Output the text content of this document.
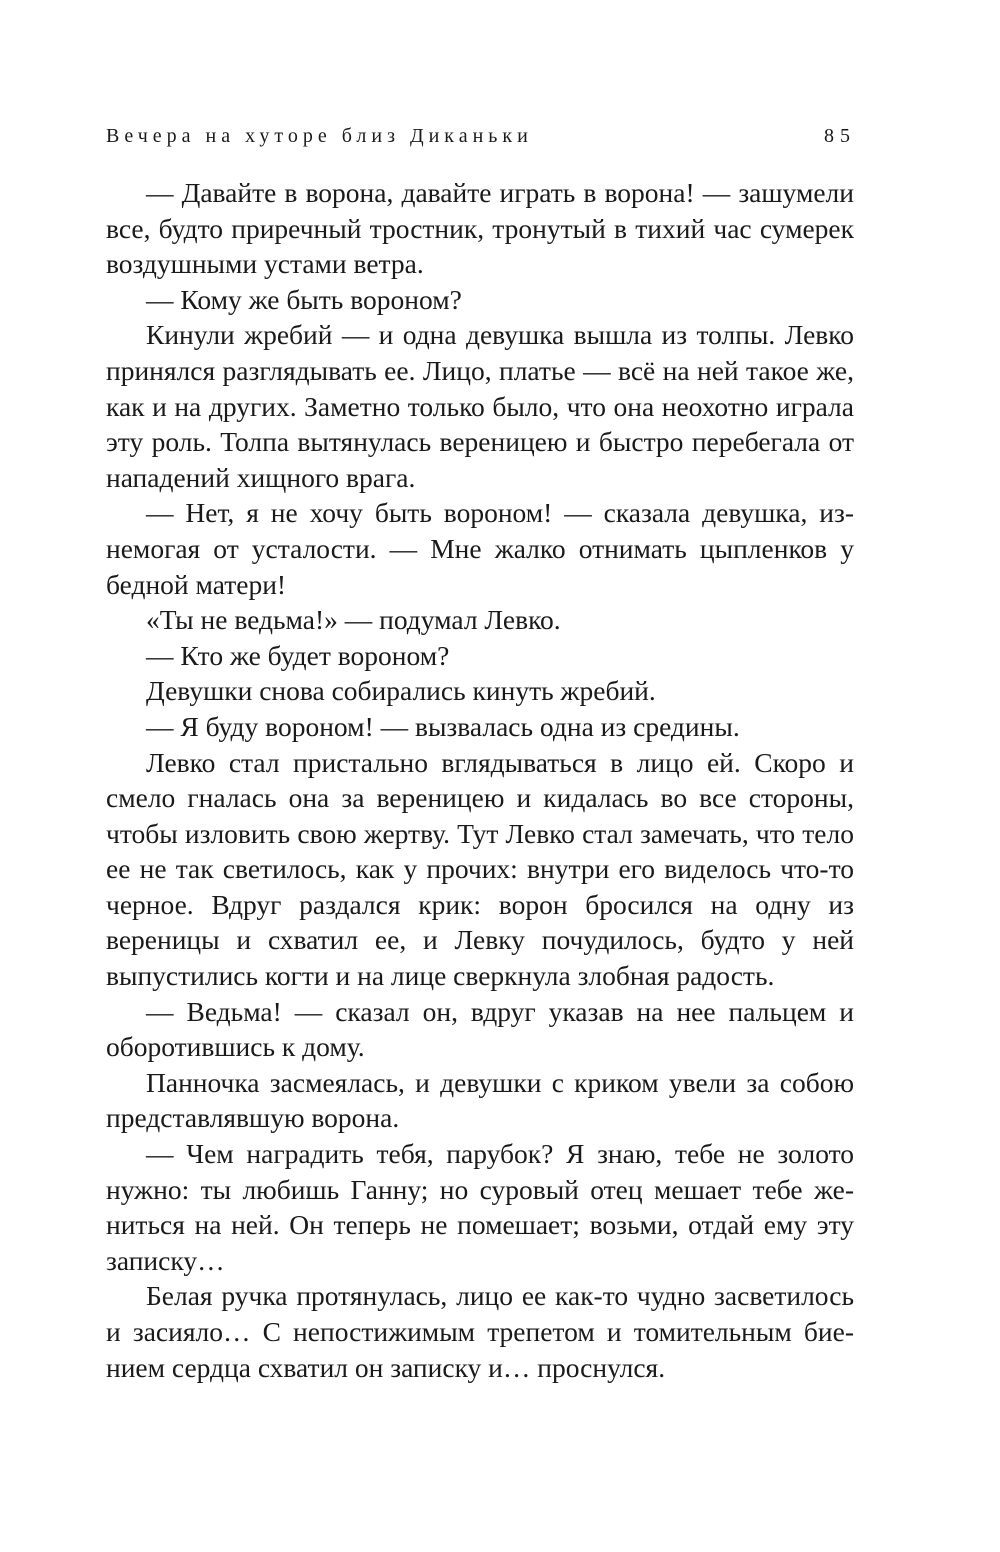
Вечера на хуторе близ Диканьки	85

— Давайте в ворона, давайте играть в ворона! — зашумели все, будто приречный тростник, тронутый в тихий час сумерек воздушными устами ветра.

— Кому же быть вороном?

Кинули жребий — и одна девушка вышла из толпы. Левко принялся разглядывать ее. Лицо, платье — всё на ней такое же, как и на других. Заметно только было, что она неохотно играла эту роль. Толпа вытянулась вереницею и быстро перебегала от нападений хищного врага.

— Нет, я не хочу быть вороном! — сказала девушка, изнемогая от усталости. — Мне жалко отнимать цыпленков у бедной матери!

«Ты не ведьма!» — подумал Левко.

— Кто же будет вороном?

Девушки снова собирались кинуть жребий.

— Я буду вороном! — вызвалась одна из средины.

Левко стал пристально вглядываться в лицо ей. Скоро и смело гналась она за вереницею и кидалась во все стороны, чтобы изловить свою жертву. Тут Левко стал замечать, что тело ее не так светилось, как у прочих: внутри его виделось что-то черное. Вдруг раздался крик: ворон бросился на одну из вереницы и схватил ее, и Левку почудилось, будто у ней выпустились когти и на лице сверкнула злобная радость.

— Ведьма! — сказал он, вдруг указав на нее пальцем и оборотившись к дому.

Панночка засмеялась, и девушки с криком увели за собою представлявшую ворона.

— Чем наградить тебя, парубок? Я знаю, тебе не золото нужно: ты любишь Ганну; но суровый отец мешает тебе жениться на ней. Он теперь не помешает; возьми, отдай ему эту записку…

Белая ручка протянулась, лицо ее как-то чудно засветилось и засияло… С непостижимым трепетом и томительным биением сердца схватил он записку и… проснулся.
